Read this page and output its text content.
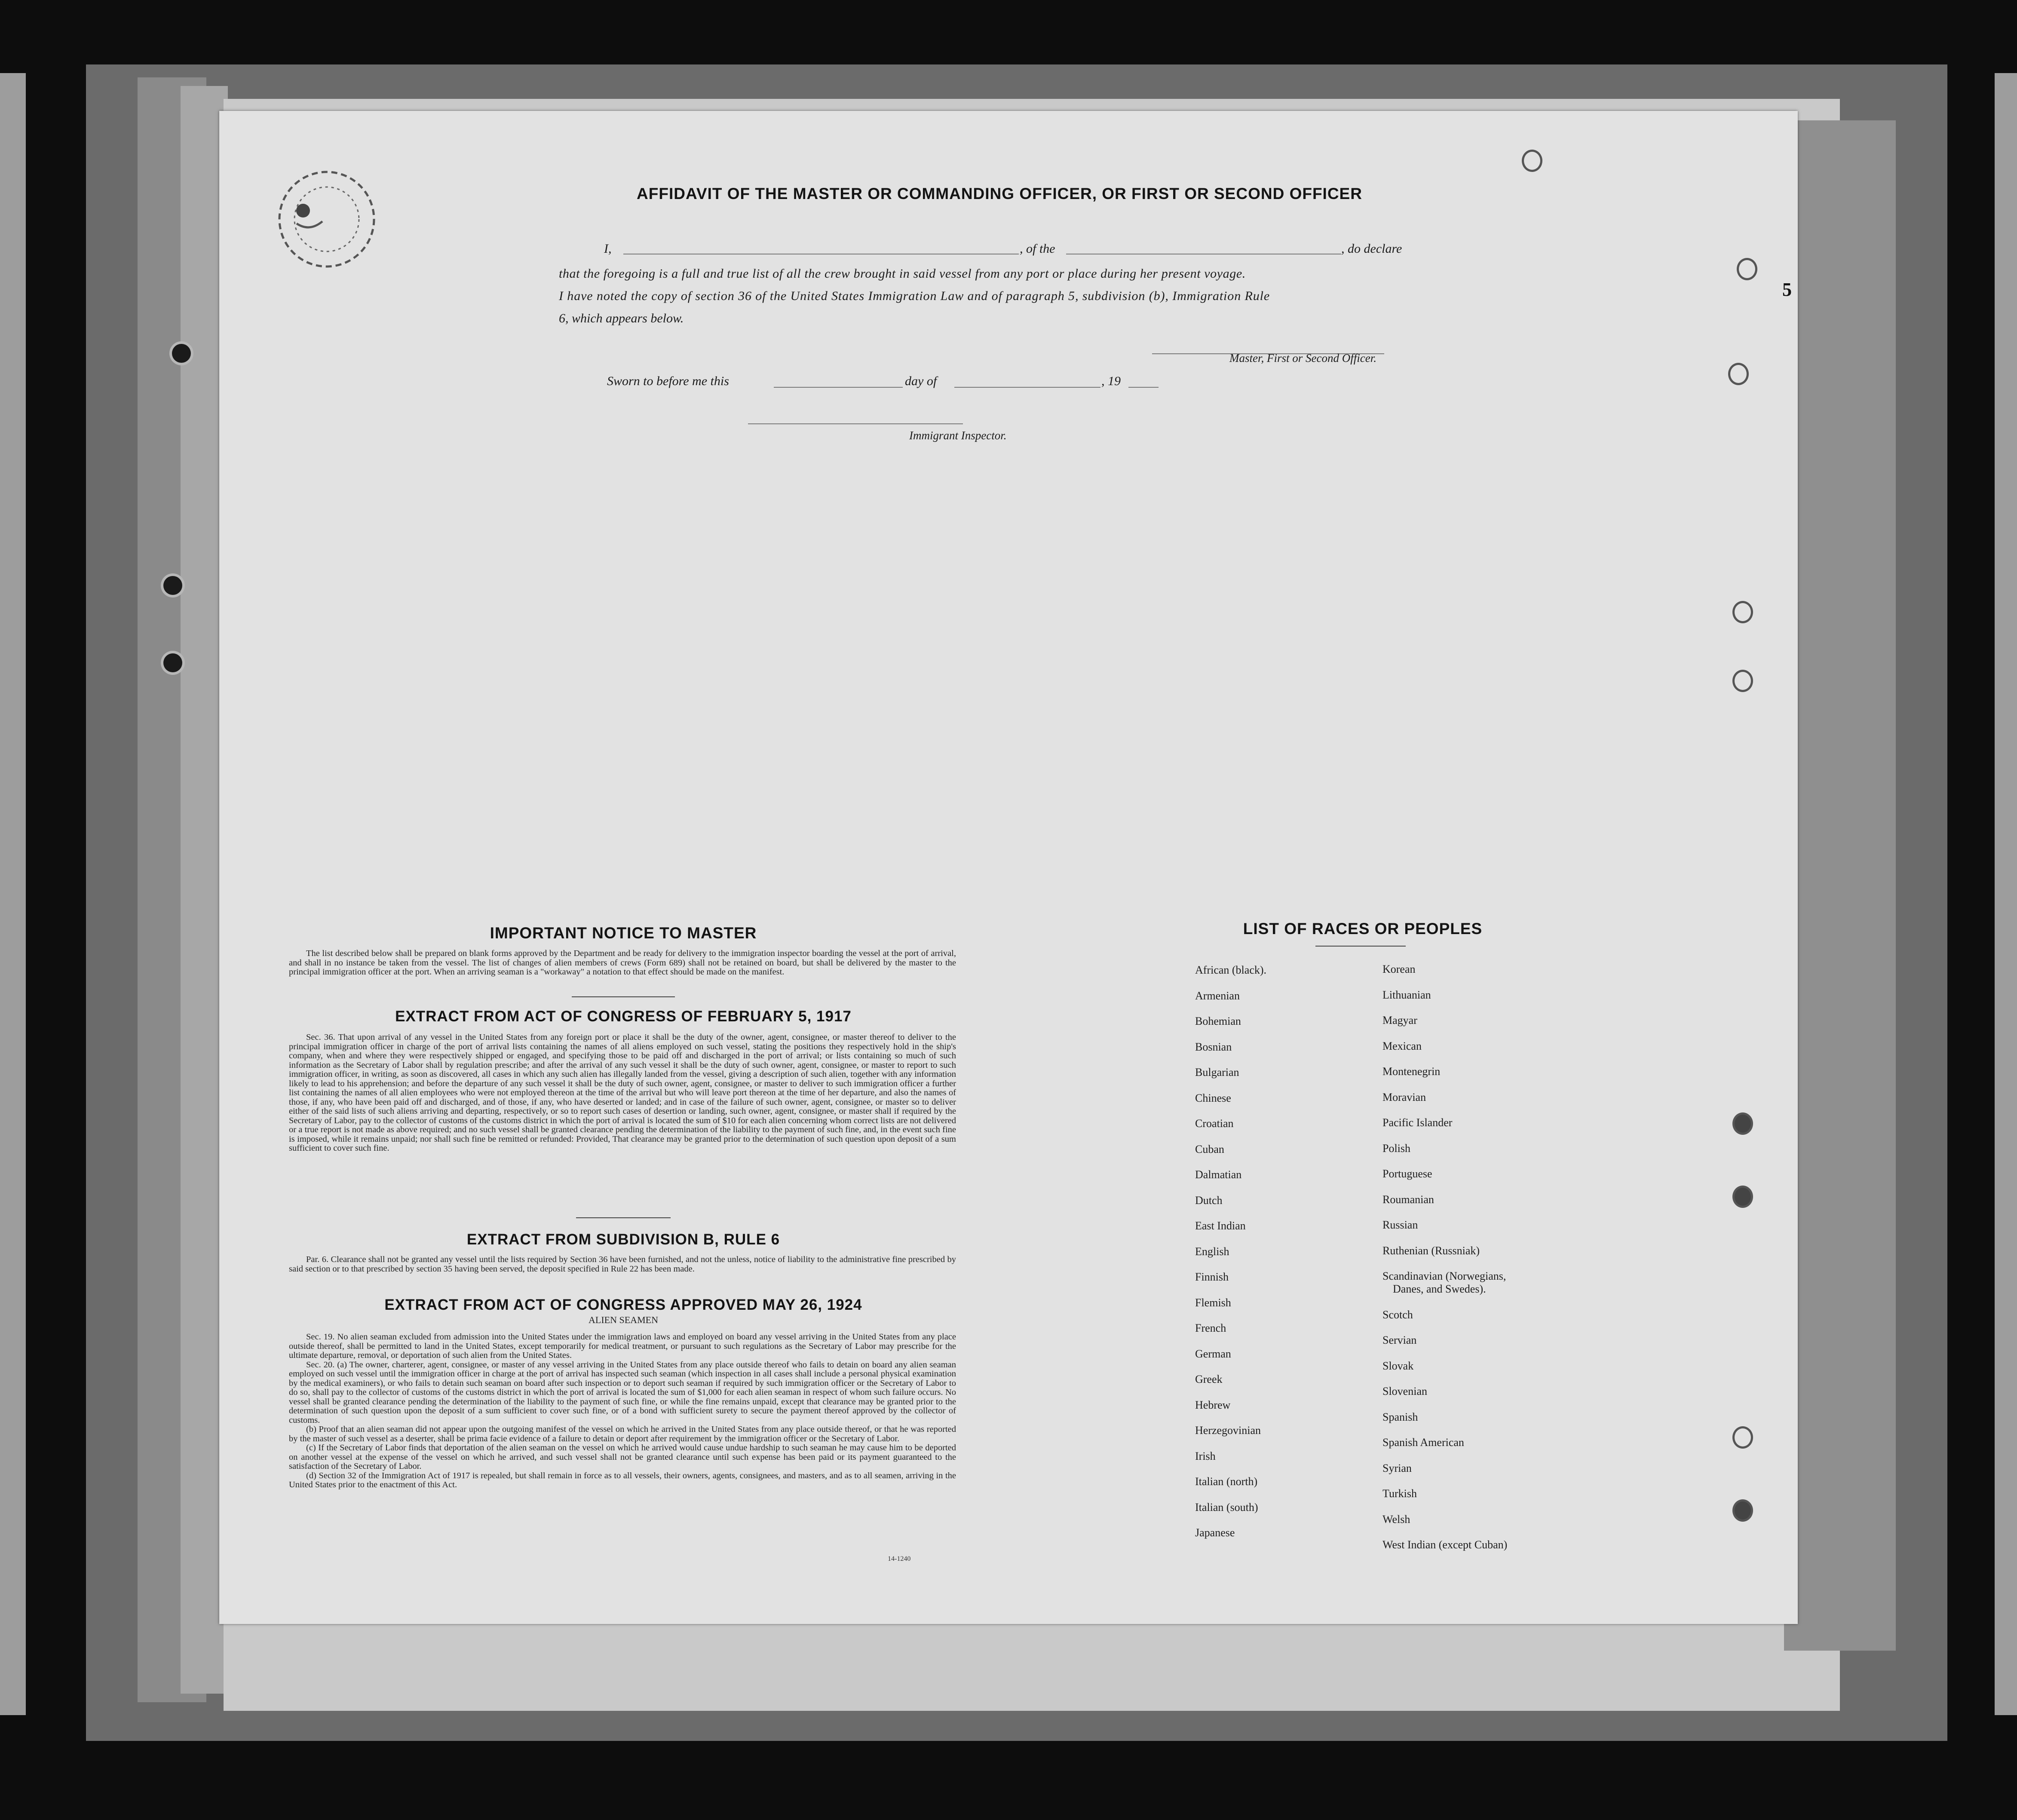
5
AFFIDAVIT OF THE MASTER OR COMMANDING OFFICER, OR FIRST OR SECOND OFFICER
I,	, of the	, do declare
that the foregoing is a full and true list of all the crew brought in said vessel from any port or place during her present voyage.
I have noted the copy of section 36 of the United States Immigration Law and of paragraph 5, subdivision (b), Immigration Rule
6, which appears below.
Master, First or Second Officer.
Sworn to before me this	day of	, 19
Immigrant Inspector.
IMPORTANT NOTICE TO MASTER

The list described below shall be prepared on blank forms approved by the Department and be ready for delivery to the immigration inspector boarding the vessel at the port of arrival, and shall in no instance be taken from the vessel. The list of changes of alien members of crews (Form 689) shall not be retained on board, but shall be delivered by the master to the principal immigration officer at the port. When an arriving seaman is a "workaway" a notation to that effect should be made on the manifest.

EXTRACT FROM ACT OF CONGRESS OF FEBRUARY 5, 1917

Sec. 36. That upon arrival of any vessel in the United States from any foreign port or place it shall be the duty of the owner, agent, consignee, or master thereof to deliver to the principal immigration officer in charge of the port of arrival lists containing the names of all aliens employed on such vessel, stating the positions they respectively hold in the ship's company, when and where they were respectively shipped or engaged, and specifying those to be paid off and discharged in the port of arrival; or lists containing so much of such information as the Secretary of Labor shall by regulation prescribe; and after the arrival of any such vessel it shall be the duty of such owner, agent, consignee, or master to report to such immigration officer, in writing, as soon as discovered, all cases in which any such alien has illegally landed from the vessel, giving a description of such alien, together with any information likely to lead to his apprehension; and before the departure of any such vessel it shall be the duty of such owner, agent, consignee, or master to deliver to such immigration officer a further list containing the names of all alien employees who were not employed thereon at the time of the arrival but who will leave port thereon at the time of her departure, and also the names of those, if any, who have been paid off and discharged, and of those, if any, who have deserted or landed; and in case of the failure of such owner, agent, consignee, or master so to deliver either of the said lists of such aliens arriving and departing, respectively, or so to report such cases of desertion or landing, such owner, agent, consignee, or master shall if required by the Secretary of Labor, pay to the collector of customs of the customs district in which the port of arrival is located the sum of $10 for each alien concerning whom correct lists are not delivered or a true report is not made as above required; and no such vessel shall be granted clearance pending the determination of the liability to the payment of such fine, and, in the event such fine is imposed, while it remains unpaid; nor shall such fine be remitted or refunded: Provided, That clearance may be granted prior to the determination of such question upon deposit of a sum sufficient to cover such fine.

EXTRACT FROM SUBDIVISION B, RULE 6

Par. 6. Clearance shall not be granted any vessel until the lists required by Section 36 have been furnished, and not the unless, notice of liability to the administrative fine prescribed by said section or to that prescribed by section 35 having been served, the deposit specified in Rule 22 has been made.

EXTRACT FROM ACT OF CONGRESS APPROVED MAY 26, 1924
ALIEN SEAMEN

Sec. 19. No alien seaman excluded from admission into the United States under the immigration laws and employed on board any vessel arriving in the United States from any place outside thereof, shall be permitted to land in the United States, except temporarily for medical treatment, or pursuant to such regulations as the Secretary of Labor may prescribe for the ultimate departure, removal, or deportation of such alien from the United States.

Sec. 20. (a) The owner, charterer, agent, consignee, or master of any vessel arriving in the United States from any place outside thereof who fails to detain on board any alien seaman employed on such vessel until the immigration officer in charge at the port of arrival has inspected such seaman (which inspection in all cases shall include a personal physical examination by the medical examiners), or who fails to detain such seaman on board after such inspection or to deport such seaman if required by such immigration officer or the Secretary of Labor to do so, shall pay to the collector of customs of the customs district in which the port of arrival is located the sum of $1,000 for each alien seaman in respect of whom such failure occurs. No vessel shall be granted clearance pending the determination of the liability to the payment of such fine, or while the fine remains unpaid, except that clearance may be granted prior to the determination of such question upon the deposit of a sum sufficient to cover such fine, or of a bond with sufficient surety to secure the payment thereof approved by the collector of customs.

(b) Proof that an alien seaman did not appear upon the outgoing manifest of the vessel on which he arrived in the United States from any place outside thereof, or that he was reported by the master of such vessel as a deserter, shall be prima facie evidence of a failure to detain or deport after requirement by the immigration officer or the Secretary of Labor.

(c) If the Secretary of Labor finds that deportation of the alien seaman on the vessel on which he arrived would cause undue hardship to such seaman he may cause him to be deported on another vessel at the expense of the vessel on which he arrived, and such vessel shall not be granted clearance until such expense has been paid or its payment guaranteed to the satisfaction of the Secretary of Labor.

(d) Section 32 of the Immigration Act of 1917 is repealed, but shall remain in force as to all vessels, their owners, agents, consignees, and masters, and as to all seamen, arriving in the United States prior to the enactment of this Act.

14-1240
LIST OF RACES OR PEOPLES
African (black).
Armenian
Bohemian
Bosnian
Bulgarian
Chinese
Croatian
Cuban
Dalmatian
Dutch
East Indian
English
Finnish
Flemish
French
German
Greek
Hebrew
Herzegovinian
Irish
Italian (north)
Italian (south)
Japanese
Korean
Lithuanian
Magyar
Mexican
Montenegrin
Moravian
Pacific Islander
Polish
Portuguese
Roumanian
Russian
Ruthenian (Russniak)
Scandinavian (Norwegians,
Danes, and Swedes).
Scotch
Servian
Slovak
Slovenian
Spanish
Spanish American
Syrian
Turkish
Welsh
West Indian (except Cuban)
